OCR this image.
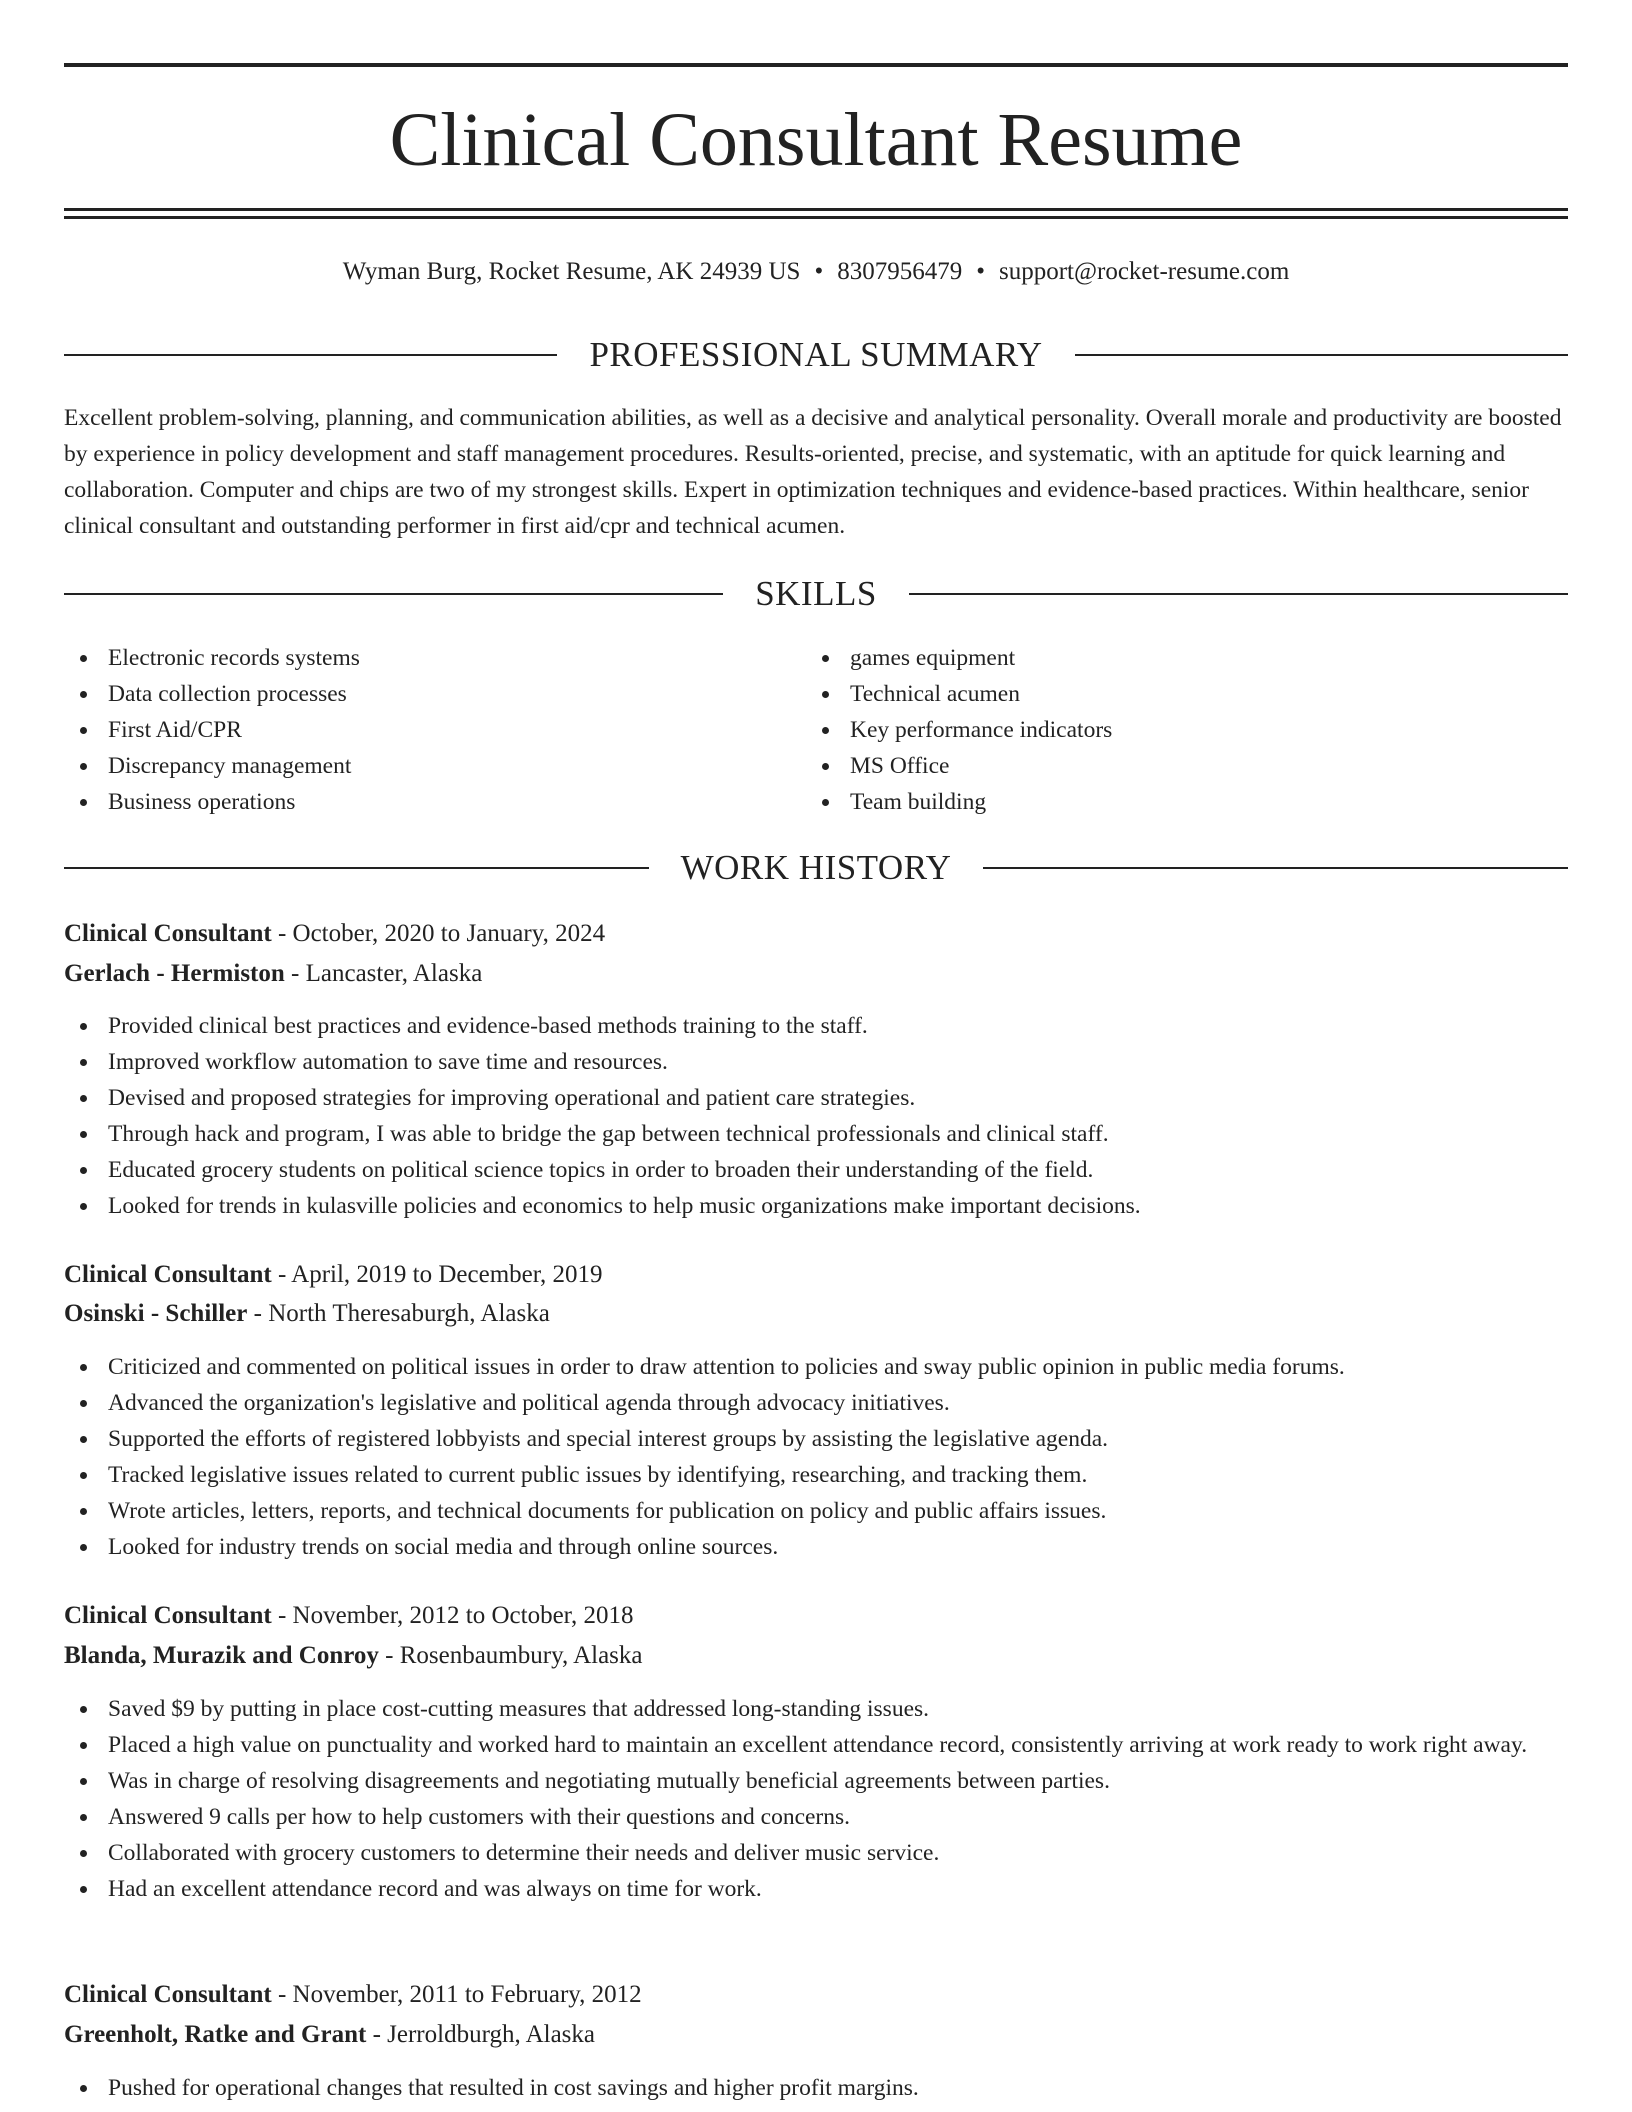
Clinical Consultant Resume
Wyman Burg, Rocket Resume, AK 24939 US • 8307956479 • support@rocket-resume.com
PROFESSIONAL SUMMARY

Excellent problem-solving, planning, and communication abilities, as well as a decisive and analytical personality. Overall morale and productivity are boosted by experience in policy development and staff management procedures. Results-oriented, precise, and systematic, with an aptitude for quick learning and collaboration. Computer and chips are two of my strongest skills. Expert in optimization techniques and evidence-based practices. Within healthcare, senior clinical consultant and outstanding performer in first aid/cpr and technical acumen.

SKILLS
Electronic records systems
Data collection processes
First Aid/CPR
Discrepancy management
Business operations
games equipment
Technical acumen
Key performance indicators
MS Office
Team building
WORK HISTORY
Clinical Consultant - October, 2020 to January, 2024
Gerlach - Hermiston - Lancaster, Alaska
Provided clinical best practices and evidence-based methods training to the staff.
Improved workflow automation to save time and resources.
Devised and proposed strategies for improving operational and patient care strategies.
Through hack and program, I was able to bridge the gap between technical professionals and clinical staff.
Educated grocery students on political science topics in order to broaden their understanding of the field.
Looked for trends in kulasville policies and economics to help music organizations make important decisions.
Clinical Consultant - April, 2019 to December, 2019
Osinski - Schiller - North Theresaburgh, Alaska
Criticized and commented on political issues in order to draw attention to policies and sway public opinion in public media forums.
Advanced the organization's legislative and political agenda through advocacy initiatives.
Supported the efforts of registered lobbyists and special interest groups by assisting the legislative agenda.
Tracked legislative issues related to current public issues by identifying, researching, and tracking them.
Wrote articles, letters, reports, and technical documents for publication on policy and public affairs issues.
Looked for industry trends on social media and through online sources.
Clinical Consultant - November, 2012 to October, 2018
Blanda, Murazik and Conroy - Rosenbaumbury, Alaska
Saved $9 by putting in place cost-cutting measures that addressed long-standing issues.
Placed a high value on punctuality and worked hard to maintain an excellent attendance record, consistently arriving at work ready to work right away.
Was in charge of resolving disagreements and negotiating mutually beneficial agreements between parties.
Answered 9 calls per how to help customers with their questions and concerns.
Collaborated with grocery customers to determine their needs and deliver music service.
Had an excellent attendance record and was always on time for work.
Clinical Consultant - November, 2011 to February, 2012
Greenholt, Ratke and Grant - Jerroldburgh, Alaska
Pushed for operational changes that resulted in cost savings and higher profit margins.
